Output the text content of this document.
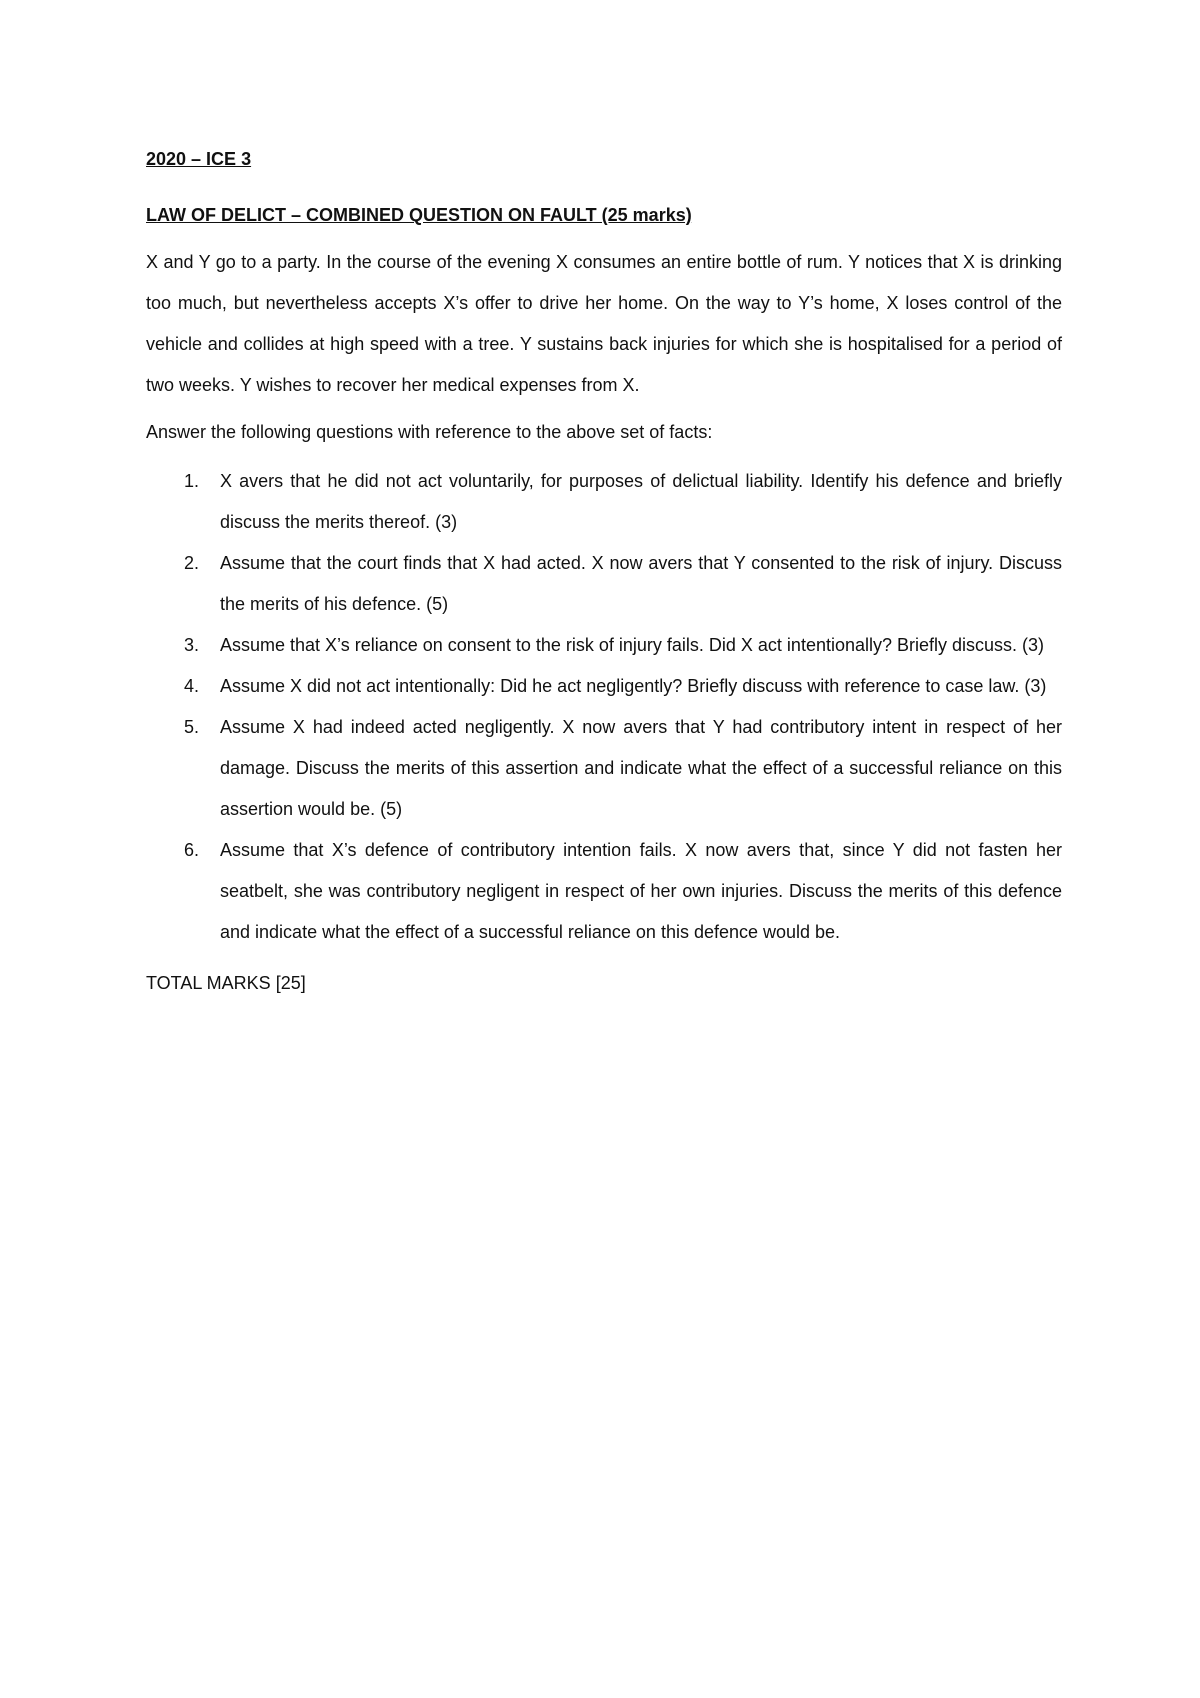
2020 – ICE 3

LAW OF DELICT – COMBINED QUESTION ON FAULT (25 marks)

X and Y go to a party. In the course of the evening X consumes an entire bottle of rum. Y notices that X is drinking too much, but nevertheless accepts X’s offer to drive her home. On the way to Y’s home, X loses control of the vehicle and collides at high speed with a tree. Y sustains back injuries for which she is hospitalised for a period of two weeks. Y wishes to recover her medical expenses from X.

Answer the following questions with reference to the above set of facts:

1. X avers that he did not act voluntarily, for purposes of delictual liability. Identify his defence and briefly discuss the merits thereof. (3)
2. Assume that the court finds that X had acted. X now avers that Y consented to the risk of injury. Discuss the merits of his defence. (5)
3. Assume that X’s reliance on consent to the risk of injury fails. Did X act intentionally? Briefly discuss. (3)
4. Assume X did not act intentionally: Did he act negligently? Briefly discuss with reference to case law. (3)
5. Assume X had indeed acted negligently. X now avers that Y had contributory intent in respect of her damage. Discuss the merits of this assertion and indicate what the effect of a successful reliance on this assertion would be. (5)
6. Assume that X’s defence of contributory intention fails. X now avers that, since Y did not fasten her seatbelt, she was contributory negligent in respect of her own injuries. Discuss the merits of this defence and indicate what the effect of a successful reliance on this defence would be.

TOTAL MARKS [25]
